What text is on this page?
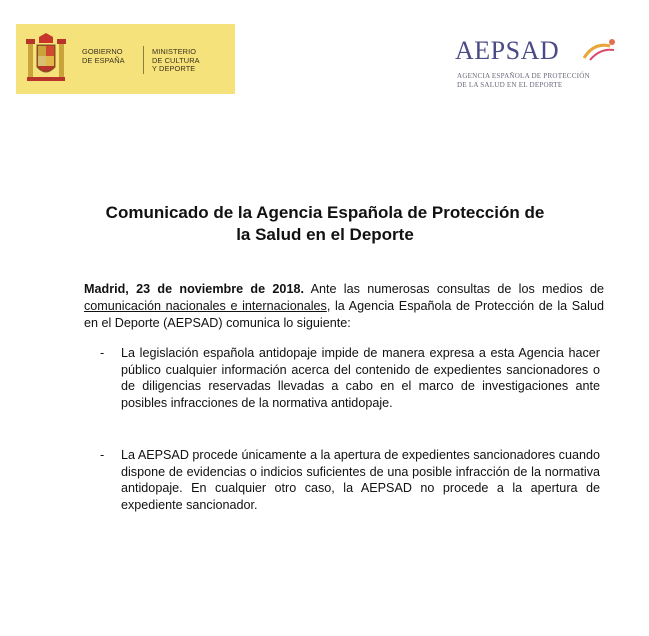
GOBIERNO
DE ESPAÑA
MINISTERIO
DE CULTURA
Y DEPORTE
AEPSAD
AGENCIA ESPAÑOLA DE PROTECCIÓN
DE LA SALUD EN EL DEPORTE
Comunicado de la Agencia Española de Protección de
la Salud en el Deporte
Madrid, 23 de noviembre de 2018. Ante las numerosas consultas de los medios de comunicación nacionales e internacionales, la Agencia Española de Protección de la Salud en el Deporte (AEPSAD) comunica lo siguiente:
- La legislación española antidopaje impide de manera expresa a esta Agencia hacer público cualquier información acerca del contenido de expedientes sancionadores o de diligencias reservadas llevadas a cabo en el marco de investigaciones ante posibles infracciones de la normativa antidopaje.
- La AEPSAD procede únicamente a la apertura de expedientes sancionadores cuando dispone de evidencias o indicios suficientes de una posible infracción de la normativa antidopaje. En cualquier otro caso, la AEPSAD no procede a la apertura de expediente sancionador.
